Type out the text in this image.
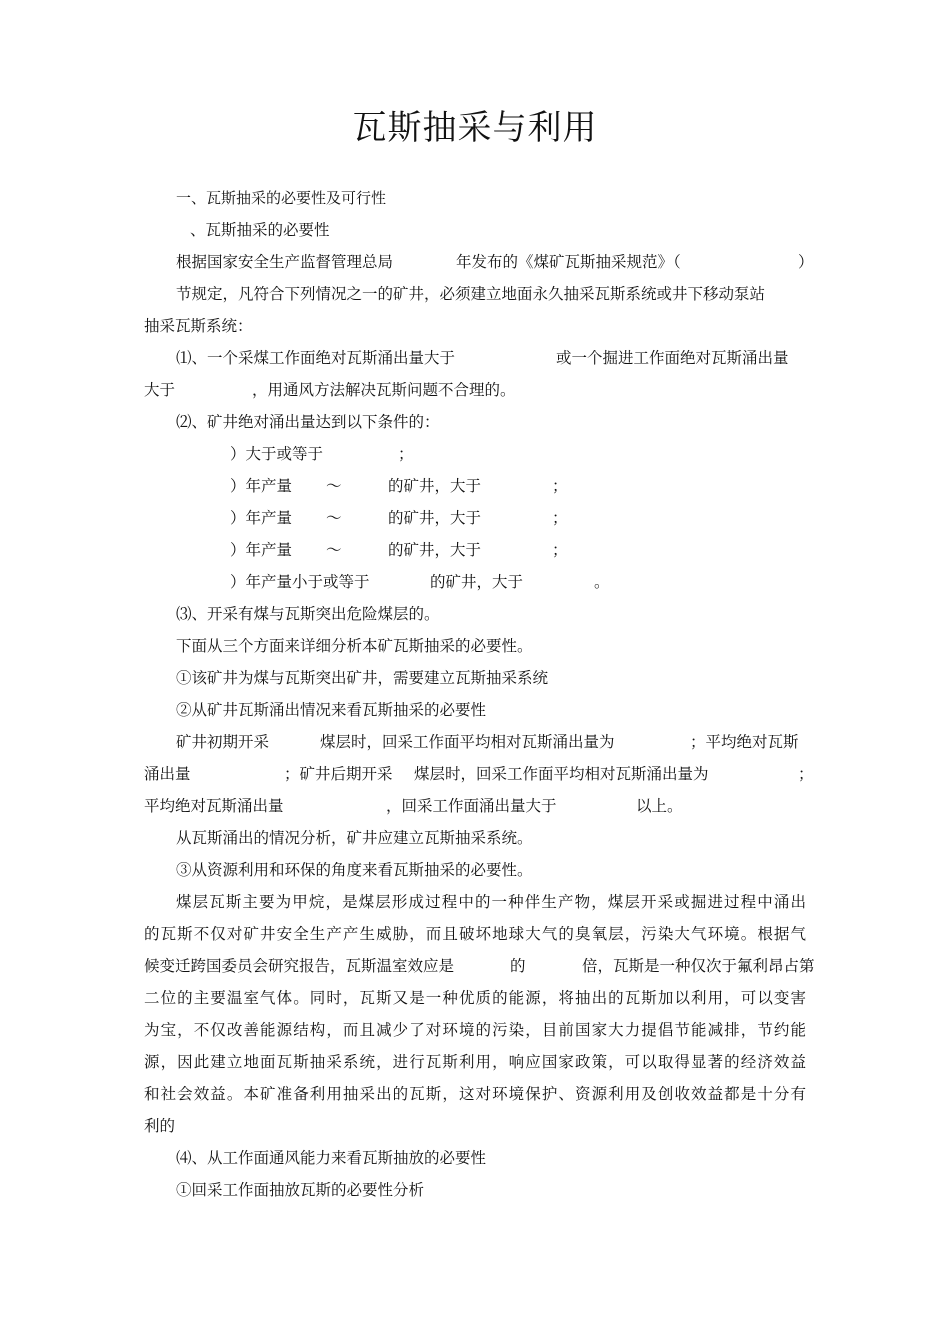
瓦斯抽采与利用
一、瓦斯抽采的必要性及可行性
、瓦斯抽采的必要性
根据国家安全生产监督管理总局	年发布的《煤矿瓦斯抽采规范》（	）
节规定，凡符合下列情况之一的矿井，必须建立地面永久抽采瓦斯系统或井下移动泵站
抽采瓦斯系统：
⑴、一个采煤工作面绝对瓦斯涌出量大于	或一个掘进工作面绝对瓦斯涌出量
大于	，用通风方法解决瓦斯问题不合理的。
⑵、矿井绝对涌出量达到以下条件的：
）大于或等于	；
）年产量 ～	的矿井，大于	；
）年产量 ～	的矿井，大于	；
）年产量 ～	的矿井，大于	；
）年产量小于或等于	的矿井，大于	。
⑶、开采有煤与瓦斯突出危险煤层的。
下面从三个方面来详细分析本矿瓦斯抽采的必要性。
①该矿井为煤与瓦斯突出矿井，需要建立瓦斯抽采系统
②从矿井瓦斯涌出情况来看瓦斯抽采的必要性
矿井初期开采	煤层时，回采工作面平均相对瓦斯涌出量为	；平均绝对瓦斯
涌出量	；矿井后期开采 煤层时，回采工作面平均相对瓦斯涌出量为	；
平均绝对瓦斯涌出量	，回采工作面涌出量大于	以上。
从瓦斯涌出的情况分析，矿井应建立瓦斯抽采系统。
③从资源利用和环保的角度来看瓦斯抽采的必要性。
煤层瓦斯主要为甲烷，是煤层形成过程中的一种伴生产物，煤层开采或掘进过程中涌出
的瓦斯不仅对矿井安全生产产生威胁，而且破坏地球大气的臭氧层，污染大气环境。根据气
候变迁跨国委员会研究报告，瓦斯温室效应是	的	倍，瓦斯是一种仅次于氟利昂占第
二位的主要温室气体。同时，瓦斯又是一种优质的能源，将抽出的瓦斯加以利用，可以变害
为宝，不仅改善能源结构，而且减少了对环境的污染，目前国家大力提倡节能减排，节约能
源，因此建立地面瓦斯抽采系统，进行瓦斯利用，响应国家政策，可以取得显著的经济效益
和社会效益。本矿准备利用抽采出的瓦斯，这对环境保护、资源利用及创收效益都是十分有
利的
⑷、从工作面通风能力来看瓦斯抽放的必要性
①回采工作面抽放瓦斯的必要性分析
